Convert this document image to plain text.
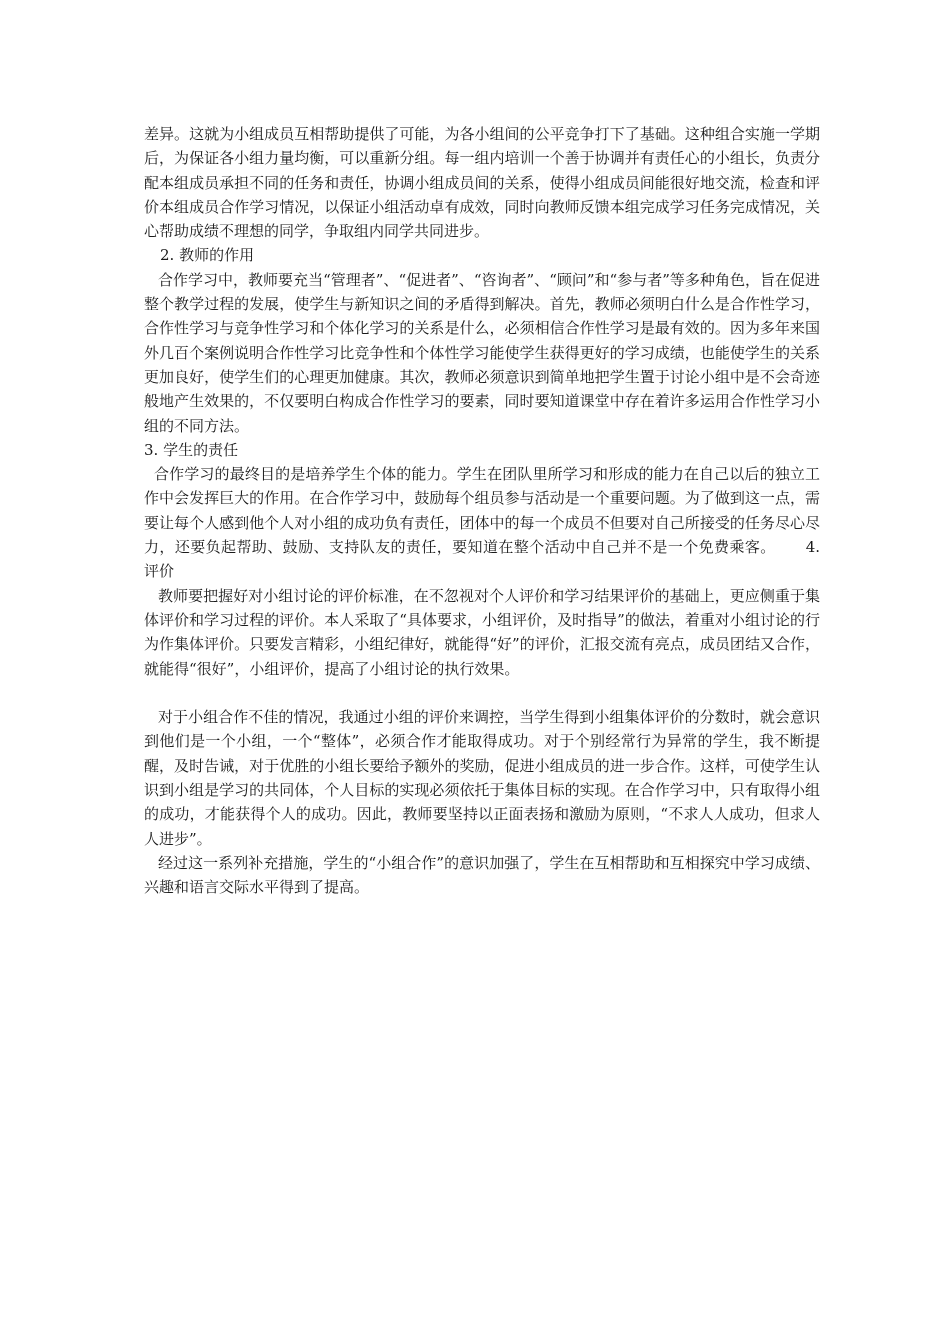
差异。这就为小组成员互相帮助提供了可能，为各小组间的公平竞争打下了基础。这种组合实施一学期后，为保证各小组力量均衡，可以重新分组。每一组内培训一个善于协调并有责任心的小组长，负责分配本组成员承担不同的任务和责任，协调小组成员间的关系，使得小组成员间能很好地交流，检查和评价本组成员合作学习情况，以保证小组活动卓有成效，同时向教师反馈本组完成学习任务完成情况，关心帮助成绩不理想的同学，争取组内同学共同进步。

2. 教师的作用

合作学习中，教师要充当“管理者”、“促进者”、“咨询者”、“顾问”和“参与者”等多种角色，旨在促进整个教学过程的发展，使学生与新知识之间的矛盾得到解决。首先，教师必须明白什么是合作性学习，合作性学习与竞争性学习和个体化学习的关系是什么，必须相信合作性学习是最有效的。因为多年来国外几百个案例说明合作性学习比竞争性和个体性学习能使学生获得更好的学习成绩，也能使学生的关系更加良好，使学生们的心理更加健康。其次，教师必须意识到简单地把学生置于讨论小组中是不会奇迹般地产生效果的，不仅要明白构成合作性学习的要素，同时要知道课堂中存在着许多运用合作性学习小组的不同方法。

3. 学生的责任

合作学习的最终目的是培养学生个体的能力。学生在团队里所学习和形成的能力在自己以后的独立工作中会发挥巨大的作用。在合作学习中，鼓励每个组员参与活动是一个重要问题。为了做到这一点，需要让每个人感到他个人对小组的成功负有责任，团体中的每一个成员不但要对自己所接受的任务尽心尽力，还要负起帮助、鼓励、支持队友的责任，要知道在整个活动中自己并不是一个免费乘客。 4. 评价

教师要把握好对小组讨论的评价标准，在不忽视对个人评价和学习结果评价的基础上，更应侧重于集体评价和学习过程的评价。本人采取了“具体要求，小组评价，及时指导”的做法，着重对小组讨论的行为作集体评价。只要发言精彩，小组纪律好，就能得“好”的评价，汇报交流有亮点，成员团结又合作，就能得“很好”，小组评价，提高了小组讨论的执行效果。

对于小组合作不佳的情况，我通过小组的评价来调控，当学生得到小组集体评价的分数时，就会意识到他们是一个小组，一个“整体”，必须合作才能取得成功。对于个别经常行为异常的学生，我不断提醒，及时告诫，对于优胜的小组长要给予额外的奖励，促进小组成员的进一步合作。这样，可使学生认识到小组是学习的共同体，个人目标的实现必须依托于集体目标的实现。在合作学习中，只有取得小组的成功，才能获得个人的成功。因此，教师要坚持以正面表扬和激励为原则，“不求人人成功，但求人人进步”。

经过这一系列补充措施，学生的“小组合作”的意识加强了，学生在互相帮助和互相探究中学习成绩、兴趣和语言交际水平得到了提高。
